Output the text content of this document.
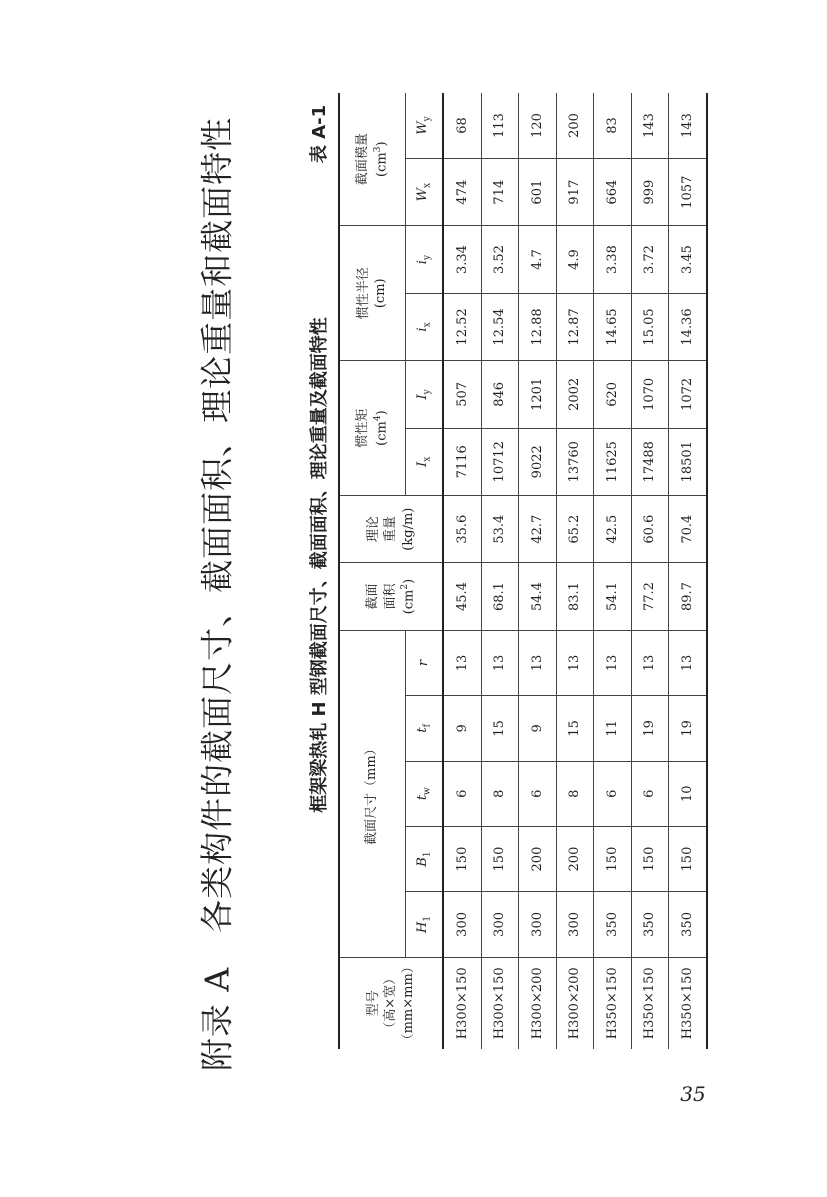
附录 A　各类构件的截面尺寸、截面面积、理论重量和截面特性	框架梁热轧 H 型钢截面尺寸、截面面积、理论重量及截面特性
表 A-1
型号 （高×宽） （mm×mm）	截面尺寸（mm）					截面 面积 $(cm^2)$	理论 重量 (kg/m)	惯性矩 $(cm^4)$		惯性半径 (cm)		截面模量 $(cm^3)$	

	$H_1$	$B_1$	$t_w$	$t_f$	r			$I_x$	$I_y$	$i_x$	$i_y$	$W_x$	$W_y$
H300×150	300	150	6	9	13	45.4	35.6	7116	507	12.52	3.34	474	68
H300×150	300	150	8	15	13	68.1	53.4	10712	846	12.54	3.52	714	113
H300×200	300	200	6	9	13	54.4	42.7	9022	1201	12.88	4.7	601	120
H300×200	300	200	8	15	13	83.1	65.2	13760	2002	12.87	4.9	917	200
H350×150	350	150	6	11	13	54.1	42.5	11625	620	14.65	3.38	664	83
H350×150	350	150	6	19	13	77.2	60.6	17488	1070	15.05	3.72	999	143
H350×150	350	150	10	19	13	89.7	70.4	18501	1072	14.36	3.45	1057	143
35
